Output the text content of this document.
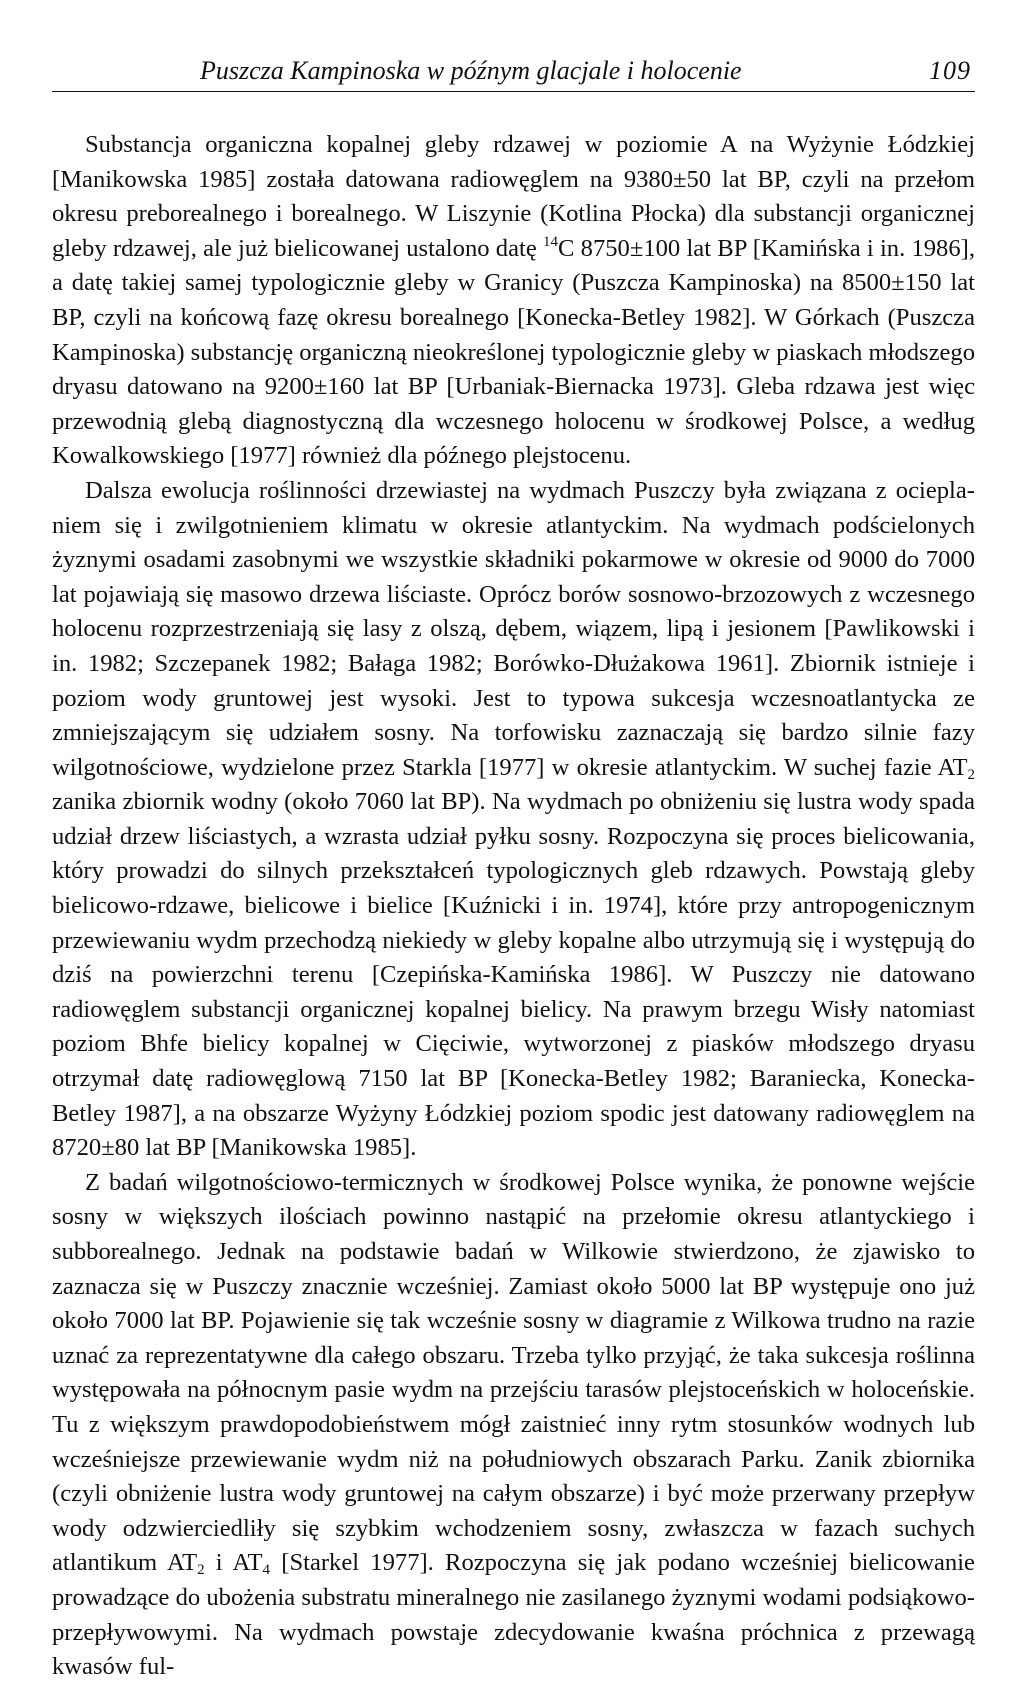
Puszcza Kampinoska w późnym glacjale i holocenie	109

Substancja organiczna kopalnej gleby rdzawej w poziomie A na Wyżynie Łódzkiej [Manikowska 1985] została datowana radiowęglem na 9380±50 lat BP, czyli na przełom okresu preborealnego i borealnego. W Liszynie (Kotlina Płocka) dla substancji organicznej gleby rdzawej, ale już bielicowanej ustalono datę $^{14}$C 8750±100 lat BP [Kamińska i in. 1986], a datę takiej samej typologicznie gleby w Granicy (Puszcza Kampinoska) na 8500±150 lat BP, czyli na końcową fazę okresu borealnego [Konecka-Betley 1982]. W Górkach (Puszcza Kampinoska) substancję organiczną nieokreślonej typologicznie gleby w piaskach młodszego dryasu datowano na 9200±160 lat BP [Urbaniak-Biernacka 1973]. Gleba rdzawa jest więc przewodnią glebą diagnostyczną dla wczesnego holocenu w środkowej Polsce, a według Kowalkowskiego [1977] również dla późnego plejstocenu.

Dalsza ewolucja roślinności drzewiastej na wydmach Puszczy była związana z ocieplaniem się i zwilgotnieniem klimatu w okresie atlantyckim. Na wydmach podścielonych żyznymi osadami zasobnymi we wszystkie składniki pokarmowe w okresie od 9000 do 7000 lat pojawiają się masowo drzewa liściaste. Oprócz borów sosnowo-brzozowych z wczesnego holocenu rozprzestrzeniają się lasy z olszą, dębem, wiązem, lipą i jesionem [Pawlikowski i in. 1982; Szczepanek 1982; Bałaga 1982; Borówko-Dłużakowa 1961]. Zbiornik istnieje i poziom wody gruntowej jest wysoki. Jest to typowa sukcesja wczesnoatlantycka ze zmniejszającym się udziałem sosny. Na torfowisku zaznaczają się bardzo silnie fazy wilgotnościowe, wydzielone przez Starkla [1977] w okresie atlantyckim. W suchej fazie $AT_2$ zanika zbiornik wodny (około 7060 lat BP). Na wydmach po obniżeniu się lustra wody spada udział drzew liściastych, a wzrasta udział pyłku sosny. Rozpoczyna się proces bielicowania, który prowadzi do silnych przekształceń typologicznych gleb rdzawych. Powstają gleby bielicowo-rdzawe, bielicowe i bielice [Kuźnicki i in. 1974], które przy antropogenicznym przewiewaniu wydm przechodzą niekiedy w gleby kopalne albo utrzymują się i występują do dziś na powierzchni terenu [Czepińska-Kamińska 1986]. W Puszczy nie datowano radiowęglem substancji organicznej kopalnej bielicy. Na prawym brzegu Wisły natomiast poziom Bhfe bielicy kopalnej w Cięciwie, wytworzonej z piasków młodszego dryasu otrzymał datę radiowęglową 7150 lat BP [Konecka-Betley 1982; Baraniecka, Konecka-Betley 1987], a na obszarze Wyżyny Łódzkiej poziom spodic jest datowany radiowęglem na 8720±80 lat BP [Manikowska 1985].

Z badań wilgotnościowo-termicznych w środkowej Polsce wynika, że ponowne wejście sosny w większych ilościach powinno nastąpić na przełomie okresu atlantyckiego i subborealnego. Jednak na podstawie badań w Wilkowie stwierdzono, że zjawisko to zaznacza się w Puszczy znacznie wcześniej. Zamiast około 5000 lat BP występuje ono już około 7000 lat BP. Pojawienie się tak wcześnie sosny w diagramie z Wilkowa trudno na razie uznać za reprezentatywne dla całego obszaru. Trzeba tylko przyjąć, że taka sukcesja roślinna występowała na północnym pasie wydm na przejściu tarasów plejstoceńskich w holoceńskie. Tu z większym prawdopodobieństwem mógł zaistnieć inny rytm stosunków wodnych lub wcześniejsze przewiewanie wydm niż na południowych obszarach Parku. Zanik zbiornika (czyli obniżenie lustra wody gruntowej na całym obszarze) i być może przerwany przepływ wody odzwierciedliły się szybkim wchodzeniem sosny, zwłaszcza w fazach suchych atlantikum $AT_2$ i $AT_4$ [Starkel 1977]. Rozpoczyna się jak podano wcześniej bielicowanie prowadzące do ubożenia substratu mineralnego nie zasilanego żyznymi wodami podsiąkowo-przepływowymi. Na wydmach powstaje zdecydowanie kwaśna próchnica z przewagą kwasów ful-
